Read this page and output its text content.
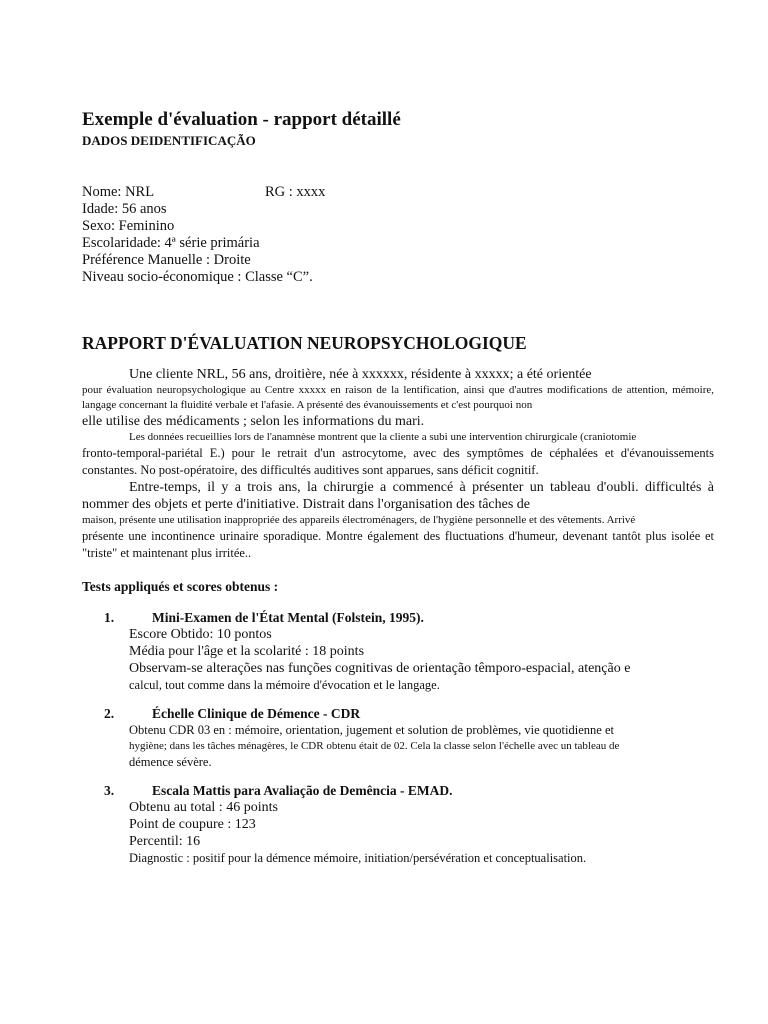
Exemple d'évaluation - rapport détaillé
DADOS DEIDENTIFICAÇÃO
Nome: NRL	RG : xxxx
Idade: 56 anos
Sexo: Feminino
Escolaridade: 4ª série primária
Préférence Manuelle : Droite
Niveau socio-économique : Classe “C”.
RAPPORT D'ÉVALUATION NEUROPSYCHOLOGIQUE

Une cliente NRL, 56 ans, droitière, née à xxxxxx, résidente à xxxxx; a été orientée

pour évaluation neuropsychologique au Centre xxxxx en raison de la lentification, ainsi que d'autres modifications de attention, mémoire, langage concernant la fluidité verbale et l'afasie. A présenté des évanouissements et c'est pourquoi non

elle utilise des médicaments ; selon les informations du mari.

Les données recueillies lors de l'anamnèse montrent que la cliente a subi une intervention chirurgicale (craniotomie

fronto-temporal-pariétal E.) pour le retrait d'un astrocytome, avec des symptômes de céphalées et d'évanouissements constantes. No post-opératoire, des difficultés auditives sont apparues, sans déficit cognitif.

Entre-temps, il y a trois ans, la chirurgie a commencé à présenter un tableau d'oubli. difficultés à nommer des objets et perte d'initiative. Distrait dans l'organisation des tâches de

maison, présente une utilisation inappropriée des appareils électroménagers, de l'hygiène personnelle et des vêtements. Arrivé

présente une incontinence urinaire sporadique. Montre également des fluctuations d'humeur, devenant tantôt plus isolée et "triste" et maintenant plus irritée..

Tests appliqués et scores obtenus :
1.	Mini-Examen de l'État Mental (Folstein, 1995).
Escore Obtido: 10 pontos
Média pour l'âge et la scolarité : 18 points
Observam-se alterações nas funções cognitivas de orientação têmporo-espacial, atenção e
calcul, tout comme dans la mémoire d'évocation et le langage.
2.	Échelle Clinique de Démence - CDR
Obtenu CDR 03 en : mémoire, orientation, jugement et solution de problèmes, vie quotidienne et
hygiène; dans les tâches ménagères, le CDR obtenu était de 02. Cela la classe selon l'échelle avec un tableau de
démence sévère.
3.	Escala Mattis para Avaliação de Demência - EMAD.
Obtenu au total : 46 points
Point de coupure : 123
Percentil: 16
Diagnostic : positif pour la démence mémoire, initiation/persévération et conceptualisation.
